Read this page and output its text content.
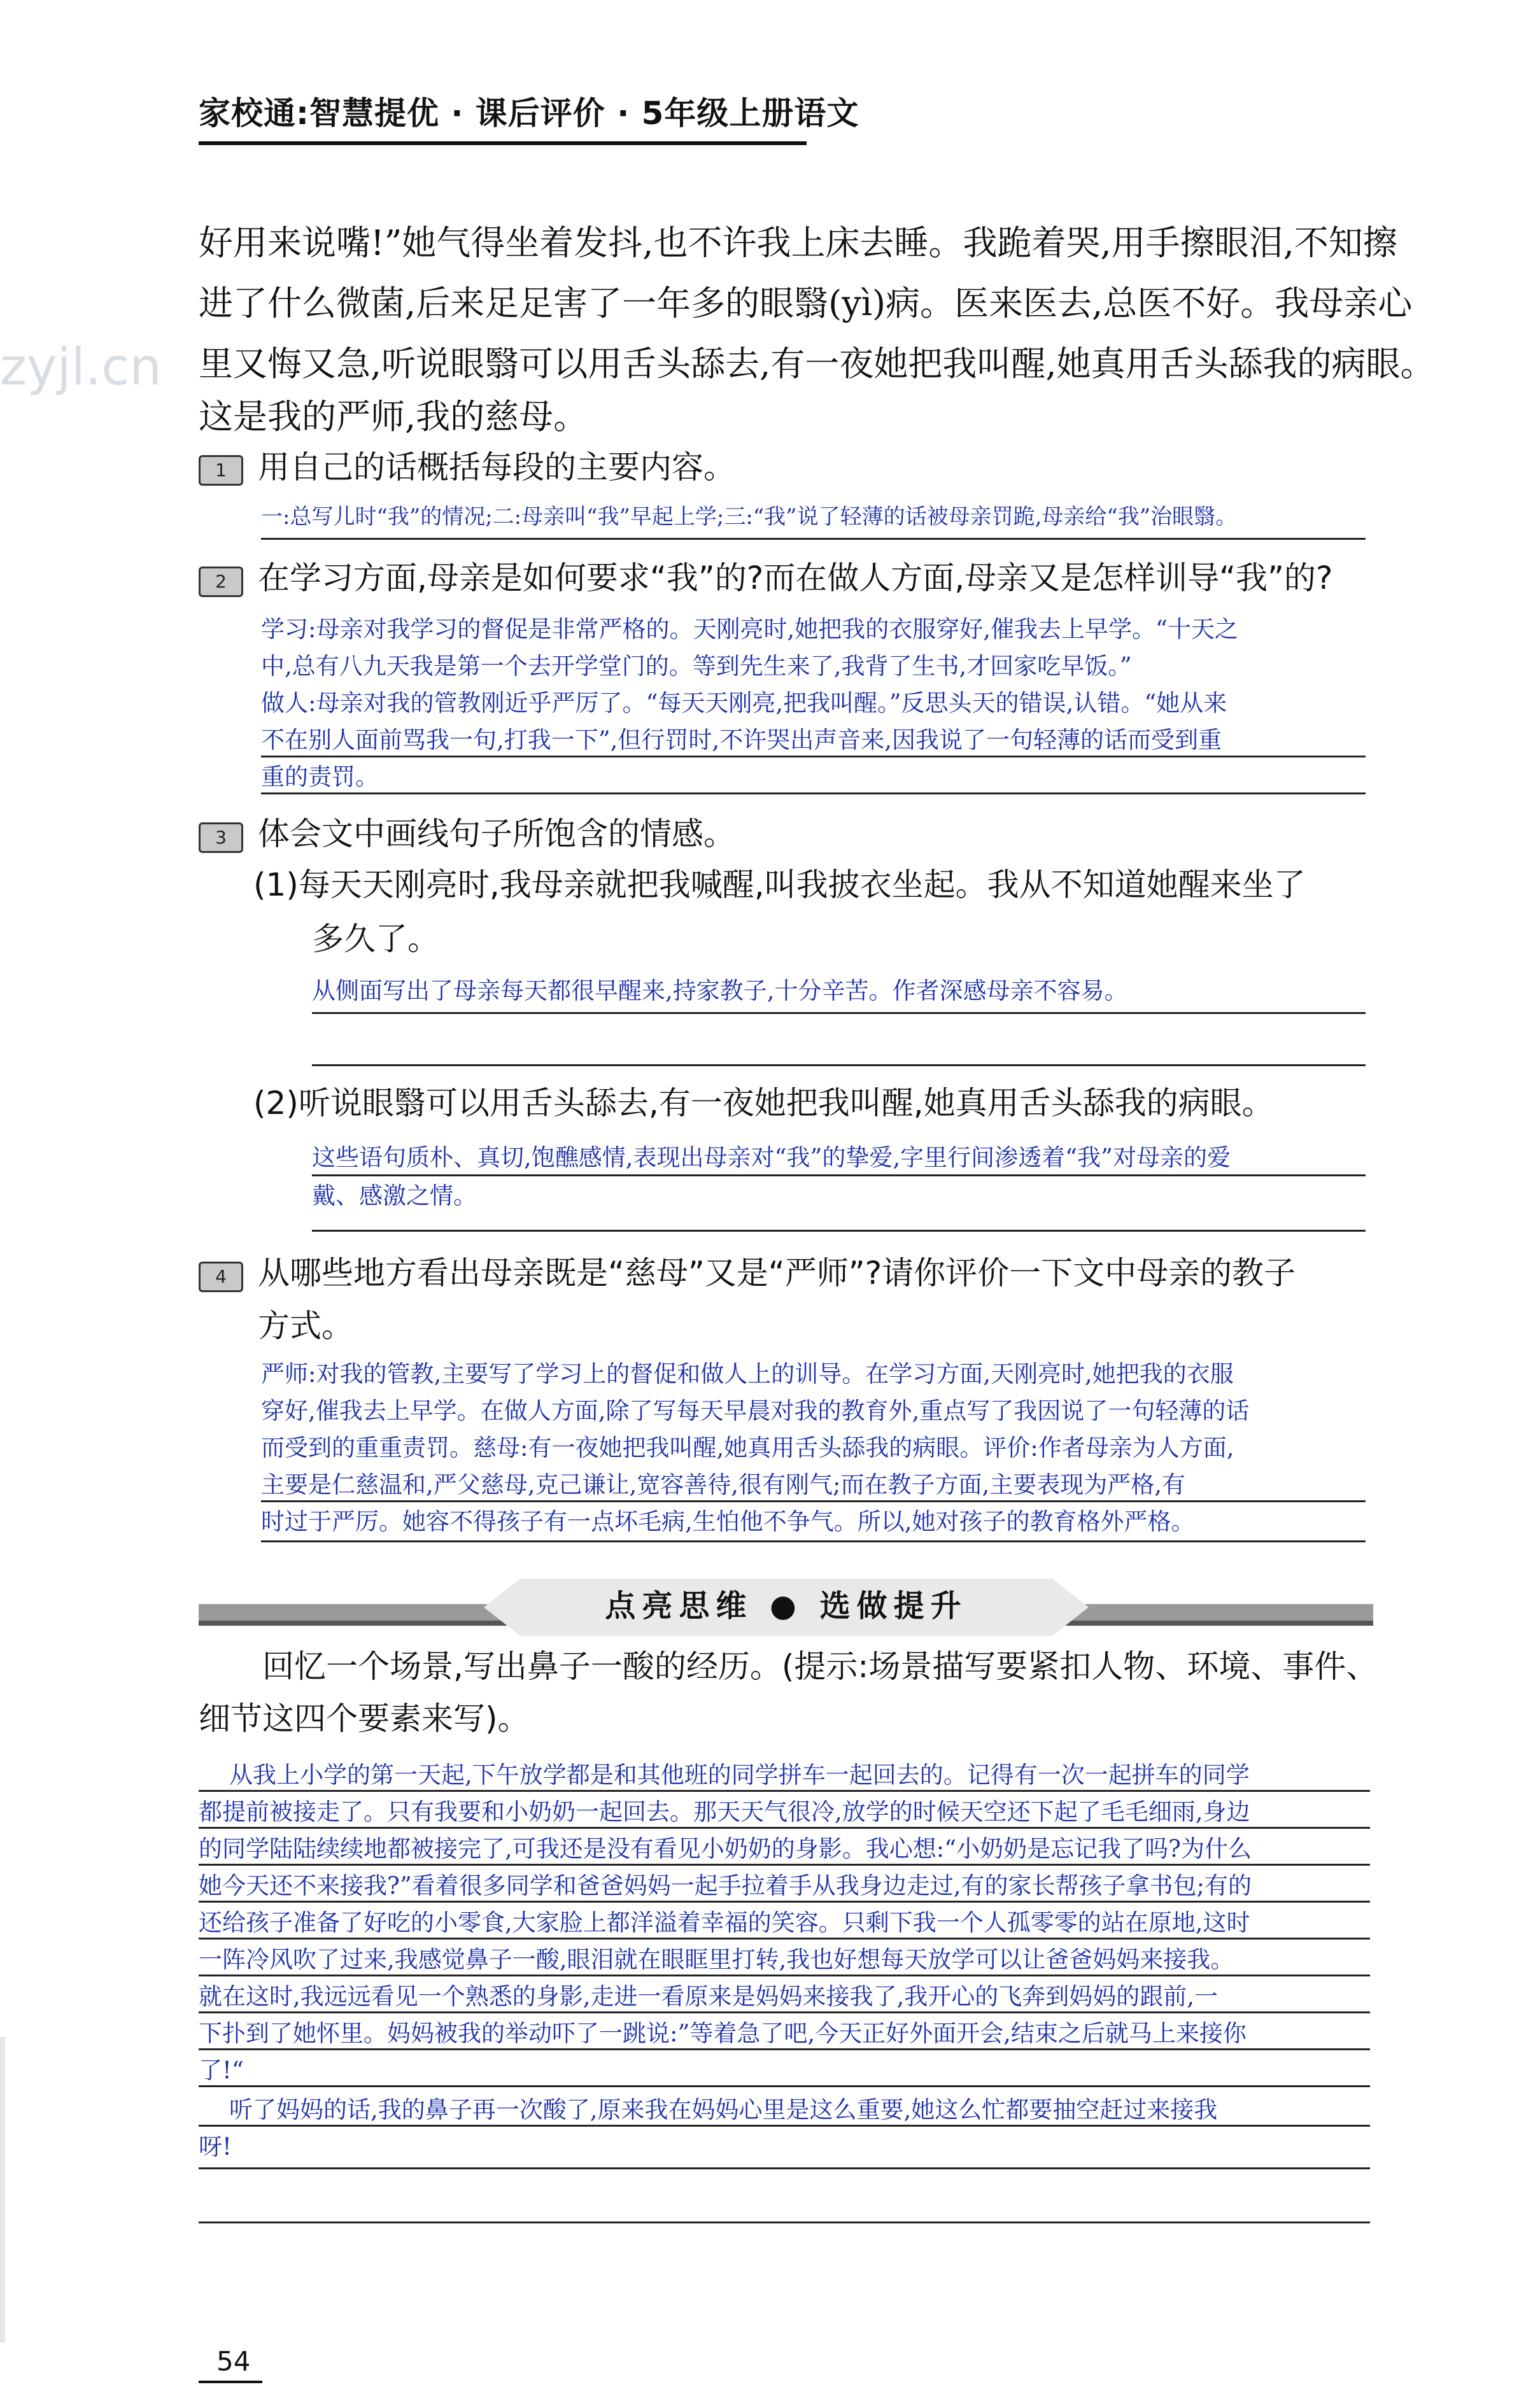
家校通:智慧提优 · 课后评价 · 5年级上册语文
zyjl.cn
好用来说嘴!”她气得坐着发抖,也不许我上床去睡。我跪着哭,用手擦眼泪,不知擦
进了什么微菌,后来足足害了一年多的眼翳(yì)病。医来医去,总医不好。我母亲心
里又悔又急,听说眼翳可以用舌头舔去,有一夜她把我叫醒,她真用舌头舔我的病眼。
这是我的严师,我的慈母。
1 用自己的话概括每段的主要内容。
一:总写儿时“我”的情况;二:母亲叫“我”早起上学;三:“我”说了轻薄的话被母亲罚跪,母亲给“我”治眼翳。
2 在学习方面,母亲是如何要求“我”的?而在做人方面,母亲又是怎样训导“我”的?
学习:母亲对我学习的督促是非常严格的。天刚亮时,她把我的衣服穿好,催我去上早学。“十天之
中,总有八九天我是第一个去开学堂门的。等到先生来了,我背了生书,才回家吃早饭。”
做人:母亲对我的管教刚近乎严厉了。“每天天刚亮,把我叫醒。”反思头天的错误,认错。“她从来
不在别人面前骂我一句,打我一下”,但行罚时,不许哭出声音来,因我说了一句轻薄的话而受到重
重的责罚。
3 体会文中画线句子所饱含的情感。
(1)每天天刚亮时,我母亲就把我喊醒,叫我披衣坐起。我从不知道她醒来坐了
多久了。
从侧面写出了母亲每天都很早醒来,持家教子,十分辛苦。作者深感母亲不容易。
(2)听说眼翳可以用舌头舔去,有一夜她把我叫醒,她真用舌头舔我的病眼。
这些语句质朴、真切,饱醮感情,表现出母亲对“我”的挚爱,字里行间渗透着“我”对母亲的爱
戴、感激之情。
4 从哪些地方看出母亲既是“慈母”又是“严师”?请你评价一下文中母亲的教子
方式。
严师:对我的管教,主要写了学习上的督促和做人上的训导。在学习方面,天刚亮时,她把我的衣服
穿好,催我去上早学。在做人方面,除了写每天早晨对我的教育外,重点写了我因说了一句轻薄的话
而受到的重重责罚。慈母:有一夜她把我叫醒,她真用舌头舔我的病眼。评价:作者母亲为人方面,
主要是仁慈温和,严父慈母,克己谦让,宽容善待,很有刚气;而在教子方面,主要表现为严格,有
时过于严厉。她容不得孩子有一点坏毛病,生怕他不争气。所以,她对孩子的教育格外严格。
点亮思维 ● 选做提升
回忆一个场景,写出鼻子一酸的经历。(提示:场景描写要紧扣人物、环境、事件、
细节这四个要素来写)。
从我上小学的第一天起,下午放学都是和其他班的同学拼车一起回去的。记得有一次一起拼车的同学
都提前被接走了。只有我要和小奶奶一起回去。那天天气很冷,放学的时候天空还下起了毛毛细雨,身边
的同学陆陆续续地都被接完了,可我还是没有看见小奶奶的身影。我心想:“小奶奶是忘记我了吗?为什么
她今天还不来接我?”看着很多同学和爸爸妈妈一起手拉着手从我身边走过,有的家长帮孩子拿书包;有的
还给孩子准备了好吃的小零食,大家脸上都洋溢着幸福的笑容。只剩下我一个人孤零零的站在原地,这时
一阵冷风吹了过来,我感觉鼻子一酸,眼泪就在眼眶里打转,我也好想每天放学可以让爸爸妈妈来接我。
就在这时,我远远看见一个熟悉的身影,走进一看原来是妈妈来接我了,我开心的飞奔到妈妈的跟前,一
下扑到了她怀里。妈妈被我的举动吓了一跳说:”等着急了吧,今天正好外面开会,结束之后就马上来接你
了!“
听了妈妈的话,我的鼻子再一次酸了,原来我在妈妈心里是这么重要,她这么忙都要抽空赶过来接我
呀!
54
